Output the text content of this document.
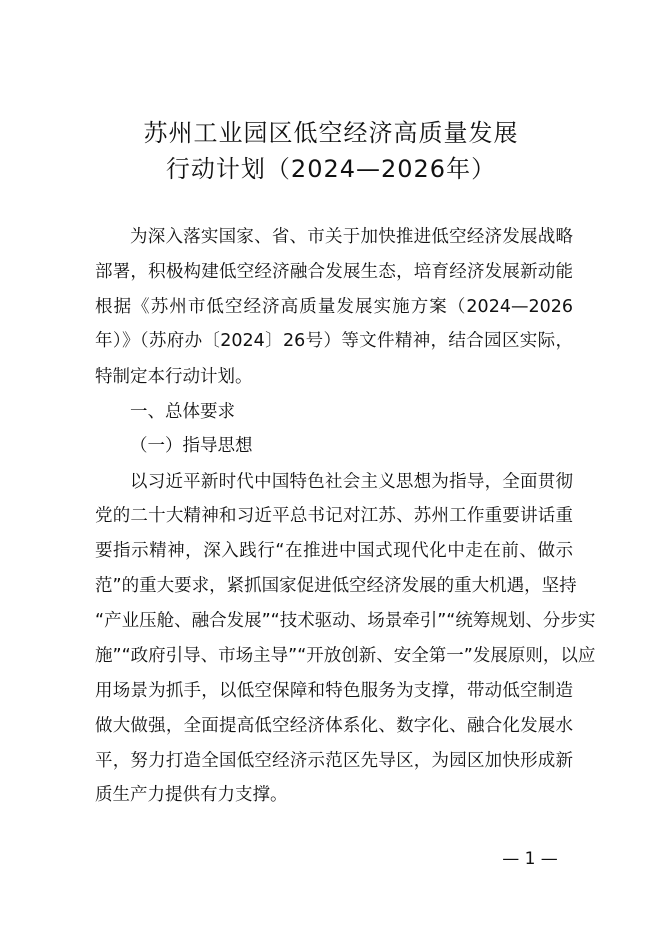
苏州工业园区低空经济高质量发展
行动计划（2024—2026年）
为深入落实国家、省、市关于加快推进低空经济发展战略
部署，积极构建低空经济融合发展生态，培育经济发展新动能
根据《苏州市低空经济高质量发展实施方案（2024—2026
年）》（苏府办〔2024〕26号）等文件精神，结合园区实际，
特制定本行动计划。
一、总体要求
（一）指导思想
以习近平新时代中国特色社会主义思想为指导，全面贯彻
党的二十大精神和习近平总书记对江苏、苏州工作重要讲话重
要指示精神，深入践行“在推进中国式现代化中走在前、做示
范”的重大要求，紧抓国家促进低空经济发展的重大机遇，坚持
“产业压舱、融合发展”“技术驱动、场景牵引”“统筹规划、分步实
施”“政府引导、市场主导”“开放创新、安全第一”发展原则，以应
用场景为抓手，以低空保障和特色服务为支撑，带动低空制造
做大做强，全面提高低空经济体系化、数字化、融合化发展水
平，努力打造全国低空经济示范区先导区，为园区加快形成新
质生产力提供有力支撑。
— 1 —
